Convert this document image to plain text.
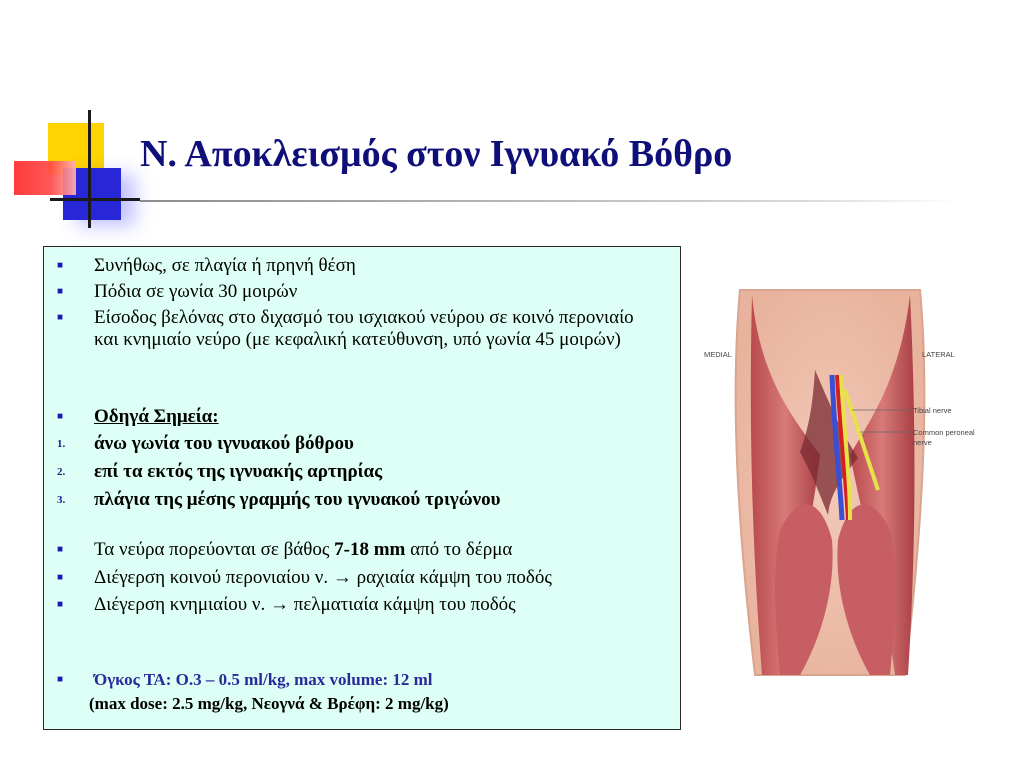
Ν. Αποκλεισμός στον Ιγνυακό Βόθρο
■ Συνήθως, σε πλαγία ή πρηνή θέση
■ Πόδια σε γωνία 30 μοιρών
■ Είσοδος βελόνας στο διχασμό του ισχιακού νεύρου σε κοινό περονιαίο και κνημιαίο νεύρο (με κεφαλική κατεύθυνση, υπό γωνία 45 μοιρών)
■ Οδηγά Σημεία:
1. άνω γωνία του ιγνυακού βόθρου
2. επί τα εκτός της ιγνυακής αρτηρίας
3. πλάγια της μέσης γραμμής του ιγνυακού τριγώνου
■ Τα νεύρα πορεύονται σε βάθος 7-18 mm από το δέρμα
■ Διέγερση κοινού περονιαίου ν. → ραχιαία κάμψη του ποδός
■ Διέγερση κνημιαίου ν. → πελματιαία κάμψη του ποδός
■ Όγκος ΤΑ: Ο.3 – 0.5 ml/kg, max volume: 12 ml
(max dose: 2.5 mg/kg, Νεογνά & Βρέφη: 2 mg/kg)
MEDIAL	LATERAL
Tibial nerve
Common peroneal
nerve
